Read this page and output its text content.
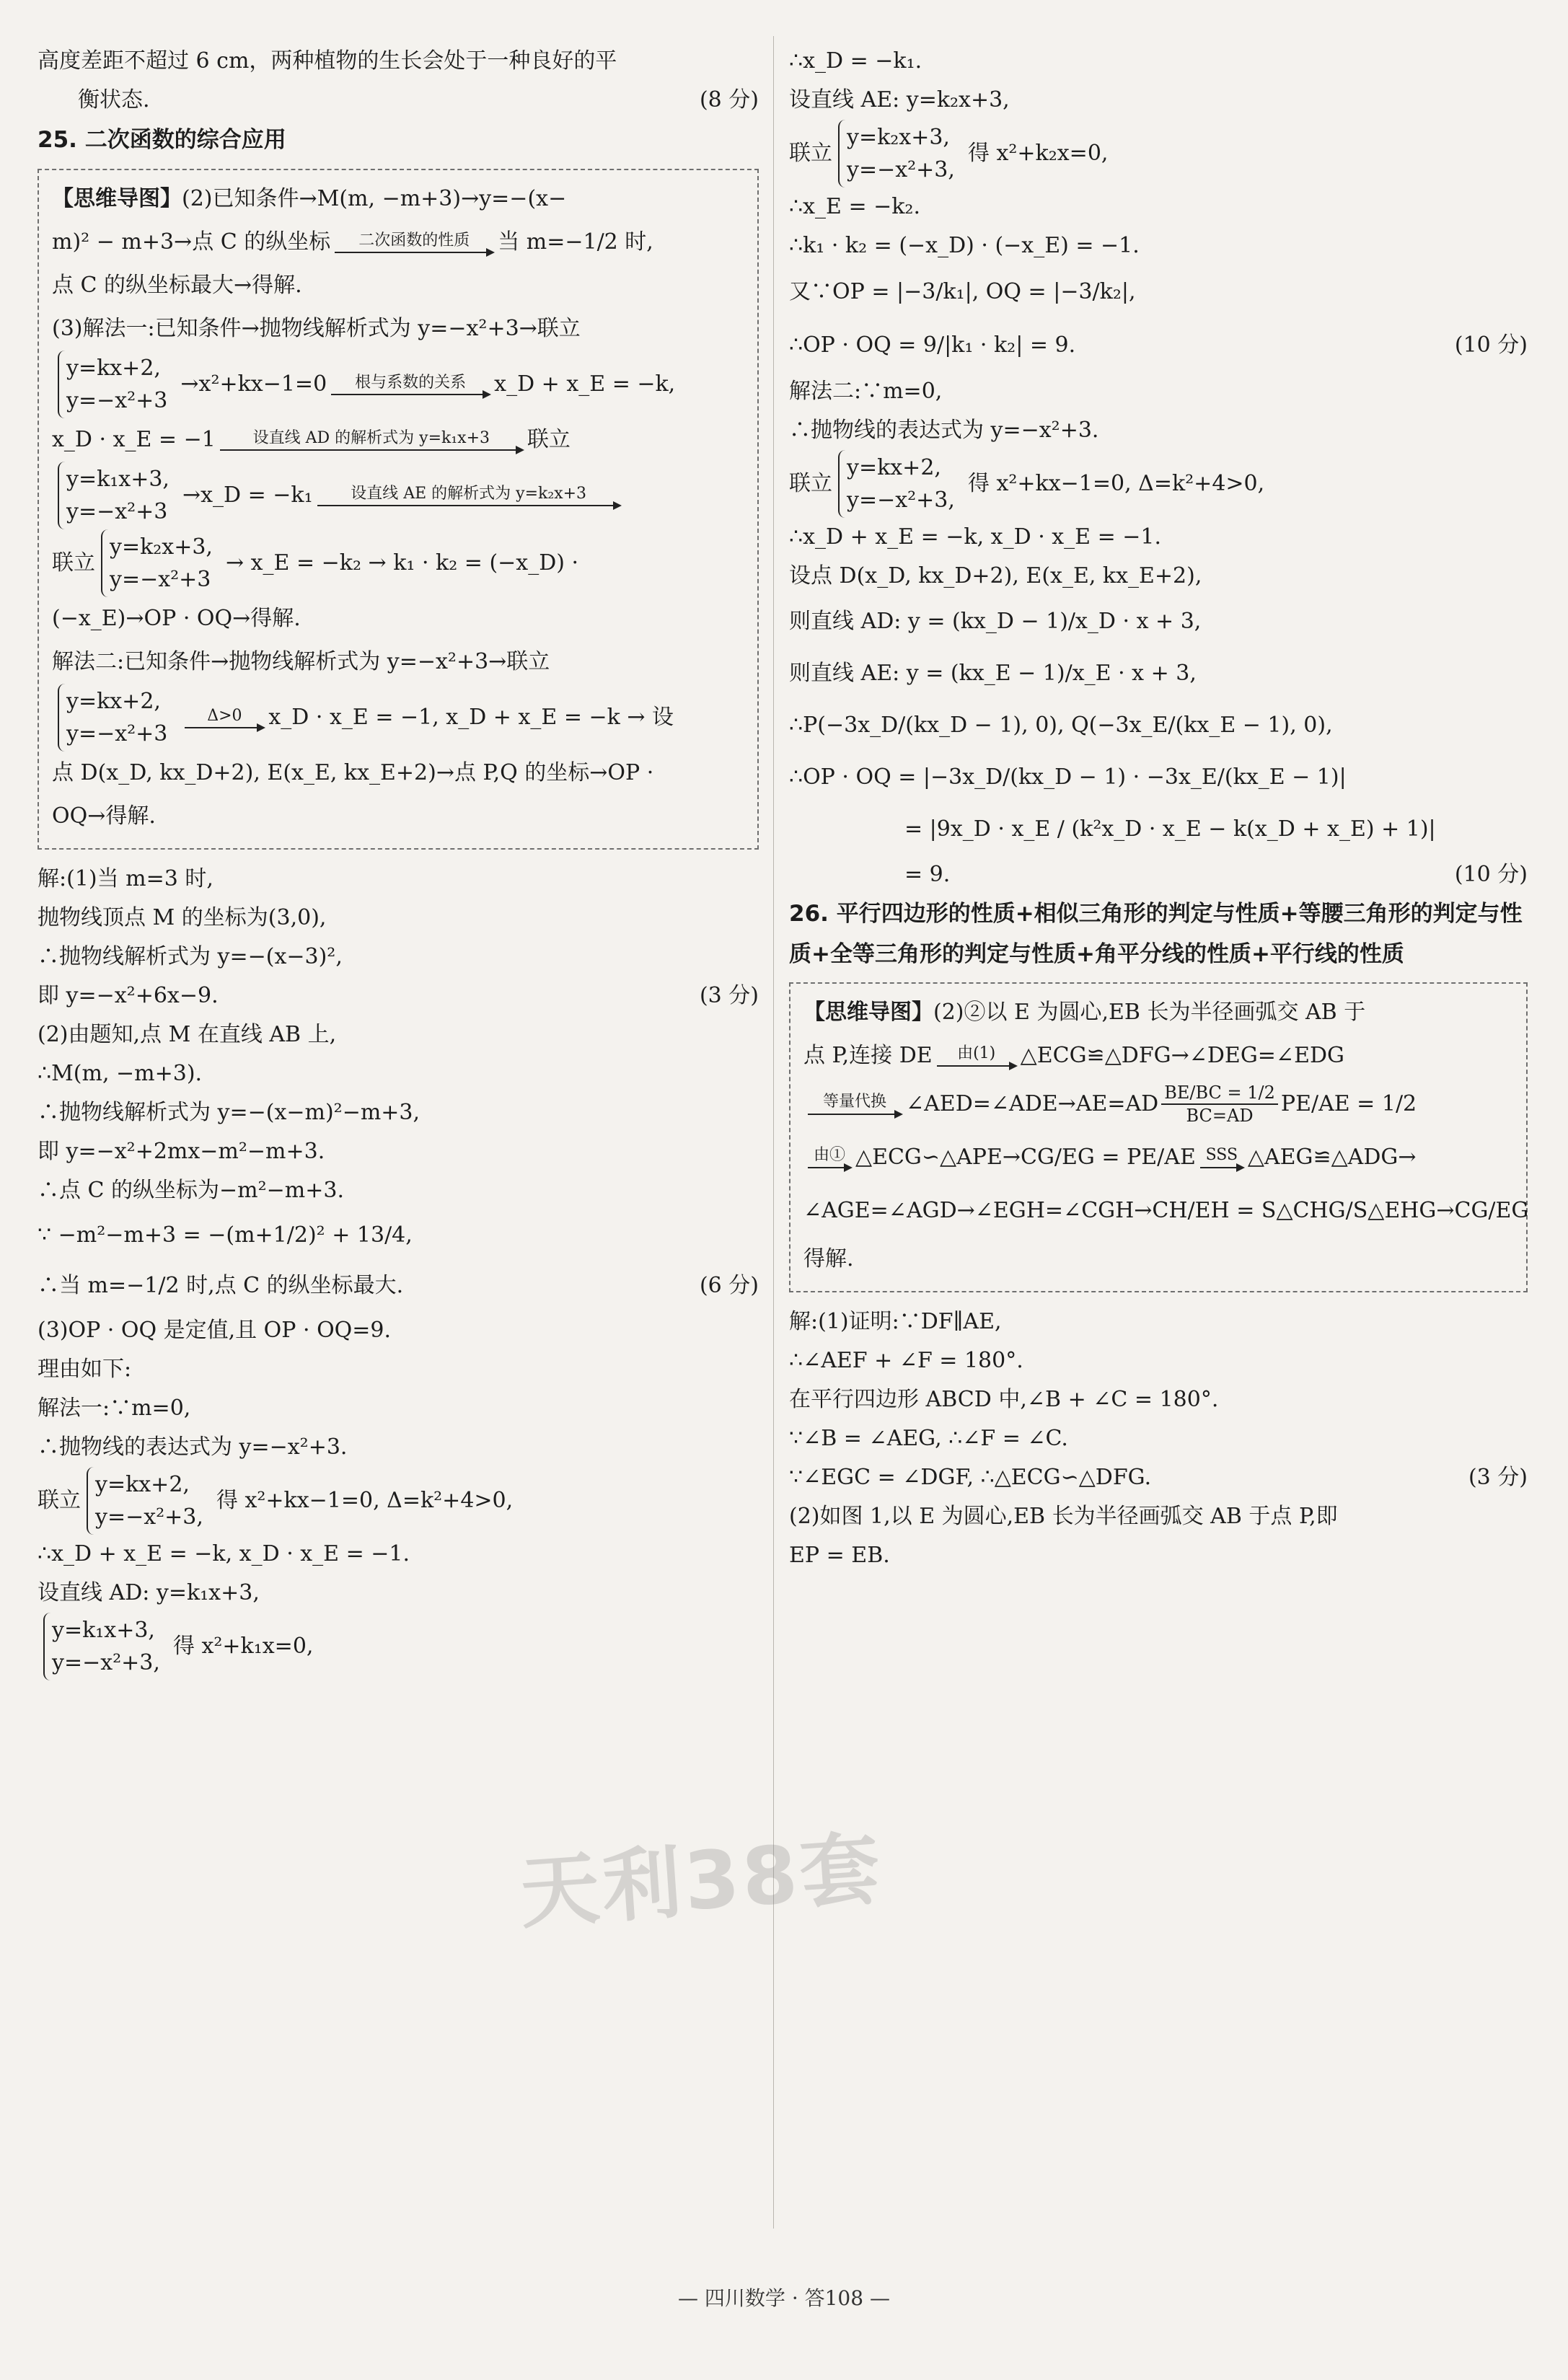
高度差距不超过 6 cm，两种植物的生长会处于一种良好的平
衡状态.	(8 分)
25. 二次函数的综合应用
【思维导图】 (2)已知条件→M(m, −m+3)→y=−(x−
m)² − m+3→点 C 的纵坐标 二次函数的性质 当 m=−1/2 时,
点 C 的纵坐标最大→得解.
(3)解法一:已知条件→抛物线解析式为 y=−x²+3→联立
y=kx+2,
y=−x²+3
→x²+kx−1=0 根与系数的关系 x_D + x_E = −k,
x_D · x_E = −1 设直线 AD 的解析式为 y=k₁x+3 联立
y=k₁x+3,
y=−x²+3
→x_D = −k₁ 设直线 AE 的解析式为 y=k₂x+3
联立
y=k₂x+3,
y=−x²+3
→ x_E = −k₂ → k₁ · k₂ = (−x_D) ·
(−x_E)→OP · OQ→得解.
解法二:已知条件→抛物线解析式为 y=−x²+3→联立
y=kx+2,
y=−x²+3
Δ>0 x_D · x_E = −1, x_D + x_E = −k → 设
点 D(x_D, kx_D+2), E(x_E, kx_E+2)→点 P,Q 的坐标→OP ·
OQ→得解.
解:(1)当 m=3 时,
抛物线顶点 M 的坐标为(3,0),
∴抛物线解析式为 y=−(x−3)²,
即 y=−x²+6x−9.	(3 分)
(2)由题知,点 M 在直线 AB 上,
∴M(m, −m+3).
∴抛物线解析式为 y=−(x−m)²−m+3,
即 y=−x²+2mx−m²−m+3.
∴点 C 的纵坐标为−m²−m+3.
∵ −m²−m+3 = −(m+1/2)² + 13/4,
∴当 m=−1/2 时,点 C 的纵坐标最大.	(6 分)
(3)OP · OQ 是定值,且 OP · OQ=9.
理由如下:
解法一:∵m=0,
∴抛物线的表达式为 y=−x²+3.
联立
y=kx+2,
y=−x²+3,
得 x²+kx−1=0, Δ=k²+4>0,
∴x_D + x_E = −k, x_D · x_E = −1.
设直线 AD: y=k₁x+3,
y=k₁x+3,
y=−x²+3,
得 x²+k₁x=0,
∴x_D = −k₁.
设直线 AE: y=k₂x+3,
联立
y=k₂x+3,
y=−x²+3,
得 x²+k₂x=0,
∴x_E = −k₂.
∴k₁ · k₂ = (−x_D) · (−x_E) = −1.
又∵OP = |−3/k₁|, OQ = |−3/k₂|,
∴OP · OQ = 9/|k₁ · k₂| = 9.	(10 分)
解法二:∵m=0,
∴抛物线的表达式为 y=−x²+3.
联立
y=kx+2,
y=−x²+3,
得 x²+kx−1=0, Δ=k²+4>0,
∴x_D + x_E = −k, x_D · x_E = −1.
设点 D(x_D, kx_D+2), E(x_E, kx_E+2),
则直线 AD: y = (kx_D − 1)/x_D · x + 3,
则直线 AE: y = (kx_E − 1)/x_E · x + 3,
∴P(−3x_D/(kx_D − 1), 0), Q(−3x_E/(kx_E − 1), 0),
∴OP · OQ = |−3x_D/(kx_D − 1) · −3x_E/(kx_E − 1)|
= |9x_D · x_E / (k²x_D · x_E − k(x_D + x_E) + 1)|
= 9.	(10 分)
26. 平行四边形的性质+相似三角形的判定与性质+等腰三角形的判定与性质+全等三角形的判定与性质+角平分线的性质+平行线的性质
【思维导图】 (2)②以 E 为圆心,EB 长为半径画弧交 AB 于
点 P,连接 DE 由(1) △ECG≌△DFG→∠DEG=∠EDG
等量代换 ∠AED=∠ADE→AE=AD $\frac{BE/BC = 1/2}{BC=AD} PE/AE = 1/2$
由① △ECG∽△APE→CG/EG = PE/AE SSS △AEG≌△ADG→
∠AGE=∠AGD→∠EGH=∠CGH→CH/EH = S△CHG/S△EHG→CG/EG
得解.
解:(1)证明:∵DF∥AE,
∴∠AEF + ∠F = 180°.
在平行四边形 ABCD 中,∠B + ∠C = 180°.
∵∠B = ∠AEG, ∴∠F = ∠C.
∵∠EGC = ∠DGF, ∴△ECG∽△DFG.	(3 分)
(2)如图 1,以 E 为圆心,EB 长为半径画弧交 AB 于点 P,即
EP = EB.
天利38套
— 四川数学 · 答108 —
